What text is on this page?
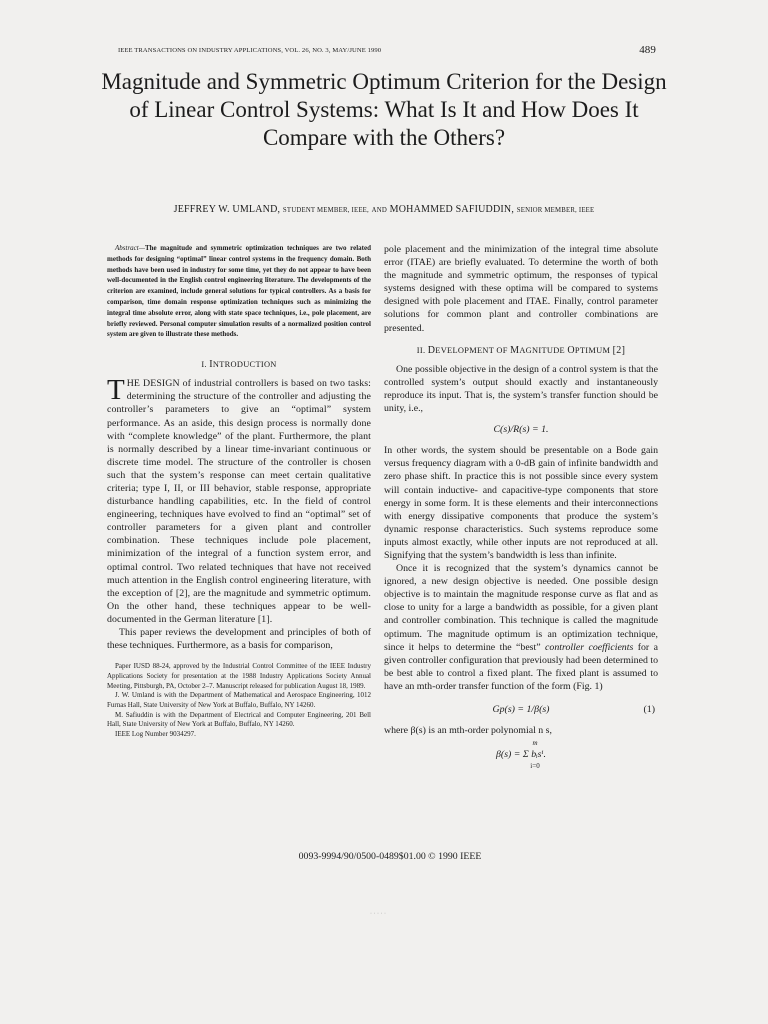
IEEE TRANSACTIONS ON INDUSTRY APPLICATIONS, VOL. 26, NO. 3, MAY/JUNE 1990	489
Magnitude and Symmetric Optimum Criterion for the Design of Linear Control Systems: What Is It and How Does It Compare with the Others?
JEFFREY W. UMLAND, STUDENT MEMBER, IEEE, AND MOHAMMED SAFIUDDIN, SENIOR MEMBER, IEEE

Abstract—The magnitude and symmetric optimization techniques are two related methods for designing “optimal” linear control systems in the frequency domain. Both methods have been used in industry for some time, yet they do not appear to have been well-documented in the English control engineering literature. The developments of the criterion are examined, include general solutions for typical controllers. As a basis for comparison, time domain response optimization techniques such as minimizing the integral time absolute error, along with state space techniques, i.e., pole placement, are briefly reviewed. Personal computer simulation results of a normalized position control system are given to illustrate these methods.

I. INTRODUCTION

THE DESIGN of industrial controllers is based on two tasks: determining the structure of the controller and adjusting the controller’s parameters to give an “optimal” system performance. As an aside, this design process is normally done with “complete knowledge” of the plant. Furthermore, the plant is normally described by a linear time-invariant continuous or discrete time model. The structure of the controller is chosen such that the system’s response can meet certain qualitative criteria; type I, II, or III behavior, stable response, appropriate disturbance handling capabilities, etc. In the field of control engineering, techniques have evolved to find an “optimal” set of controller parameters for a given plant and controller combination. These techniques include pole placement, minimization of the integral of a function system error, and optimal control. Two related techniques that have not received much attention in the English control engineering literature, with the exception of [2], are the magnitude and symmetric optimum. On the other hand, these techniques appear to be well-documented in the German literature [1].

This paper reviews the development and principles of both of these techniques. Furthermore, as a basis for comparison,

Paper IUSD 88-24, approved by the Industrial Control Committee of the IEEE Industry Applications Society for presentation at the 1988 Industry Applications Society Annual Meeting, Pittsburgh, PA, October 2–7. Manuscript released for publication August 18, 1989.

J. W. Umland is with the Department of Mathematical and Aerospace Engineering, 1012 Furnas Hall, State University of New York at Buffalo, Buffalo, NY 14260.

M. Safiuddin is with the Department of Electrical and Computer Engineering, 201 Bell Hall, State University of New York at Buffalo, Buffalo, NY 14260.

IEEE Log Number 9034297.

pole placement and the minimization of the integral time absolute error (ITAE) are briefly evaluated. To determine the worth of both the magnitude and symmetric optimum, the responses of typical systems designed with these optima will be compared to systems designed with pole placement and ITAE. Finally, control parameter solutions for common plant and controller combinations are presented.

II. DEVELOPMENT OF MAGNITUDE OPTIMUM [2]

One possible objective in the design of a control system is that the controlled system’s output should exactly and instantaneously reproduce its input. That is, the system’s transfer function should be unity, i.e.,

C(s)/R(s) = 1.

In other words, the system should be presentable on a Bode gain versus frequency diagram with a 0-dB gain of infinite bandwidth and zero phase shift. In practice this is not possible since every system will contain inductive- and capacitive-type components that store energy in some form. It is these elements and their interconnections with energy dissipative components that produce the system’s dynamic response characteristics. Such systems reproduce some inputs almost exactly, while other inputs are not reproduced at all. Signifying that the system’s bandwidth is less than infinite.

Once it is recognized that the system’s dynamics cannot be ignored, a new design objective is needed. One possible design objective is to maintain the magnitude response curve as flat and as close to unity for a large a bandwidth as possible, for a given plant and controller combination. This technique is called the magnitude optimum. The magnitude optimum is an optimization technique, since it helps to determine the “best” controller coefficients for a given controller configuration that previously had been determined to be best able to control a fixed plant. The fixed plant is assumed to have an mth-order transfer function of the form (Fig. 1)

Gp(s) = 1/β(s)	(1)

where β(s) is an mth-order polynomial n s,

m
β(s) = Σ bᵢsⁱ.
i=0
0093-9994/90/0500-0489$01.00 © 1990 IEEE
· · · · ·
